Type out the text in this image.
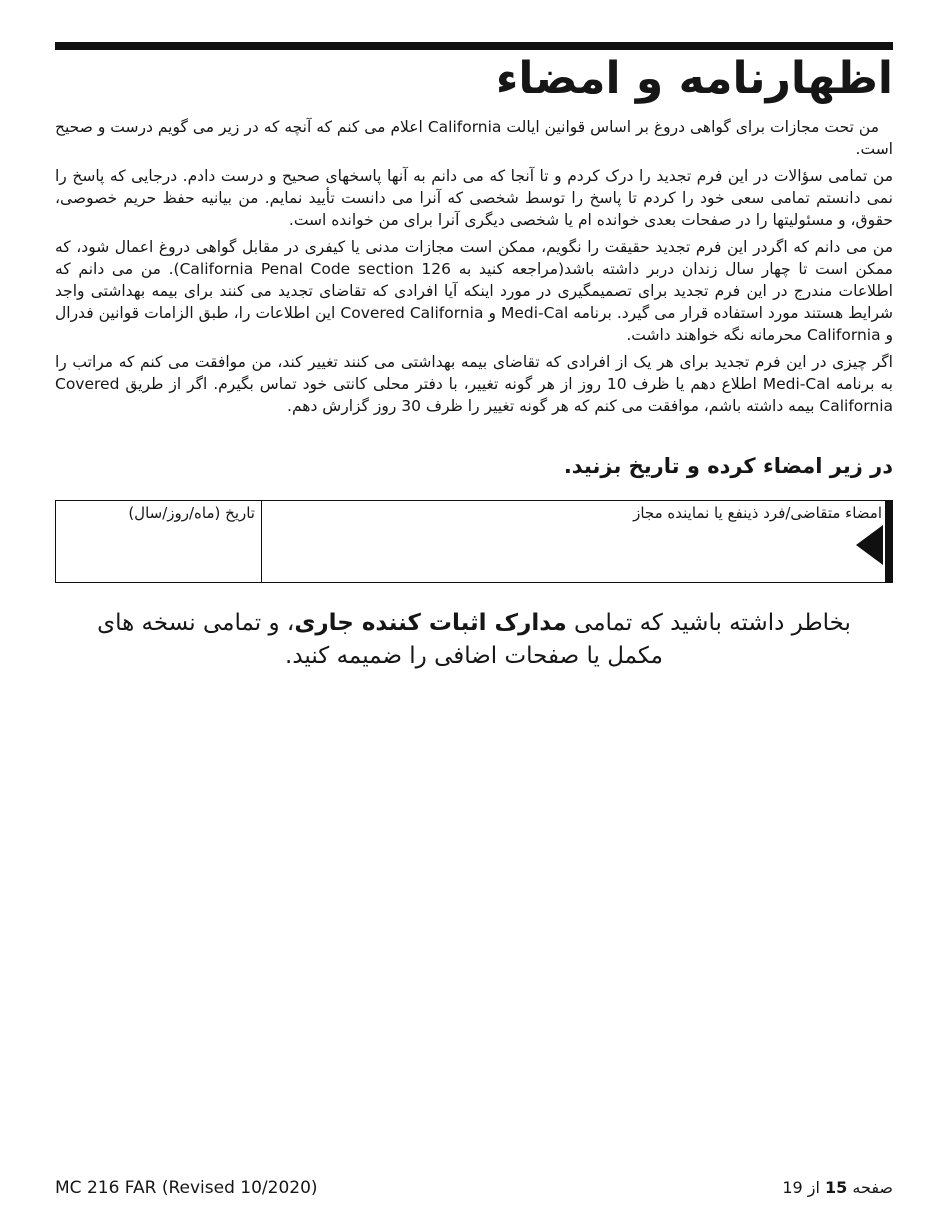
اظهارنامه و امضاء
من تحت مجازات برای گواهی دروغ بر اساس قوانین ایالت California اعلام می کنم که آنچه که در زیر می گویم درست و صحیح است.
من تمامی سؤالات در این فرم تجدید را درک کردم و تا آنجا که می دانم به آنها پاسخهای صحیح و درست دادم. درجایی که پاسخ را نمی دانستم تمامی سعی خود را کردم تا پاسخ را توسط شخصی که آنرا می دانست تأیید نمایم. من بیانیه حفظ حریم خصوصی، حقوق، و مسئولیتها را در صفحات بعدی خوانده ام یا شخصی دیگری آنرا برای من خوانده است.
من می دانم که اگردر این فرم تجدید حقیقت را نگویم، ممکن است مجازات مدنی یا کیفری در مقابل گواهی دروغ اعمال شود، که ممکن است تا چهار سال زندان دربر داشته باشد(مراجعه کنید به California Penal Code section 126). من می دانم که اطلاعات مندرج در این فرم تجدید برای تصمیمگیری در مورد اینکه آیا افرادی که تقاضای تجدید می کنند برای بیمه بهداشتی واجد شرایط هستند مورد استفاده قرار می گیرد. برنامه Medi-Cal و Covered California این اطلاعات را، طبق الزامات قوانین فدرال و California محرمانه نگه خواهند داشت.
اگر چیزی در این فرم تجدید برای هر یک از افرادی که تقاضای بیمه بهداشتی می کنند تغییر کند، من موافقت می کنم که مراتب را به برنامه Medi-Cal اطلاع دهم یا ظرف 10 روز از هر گونه تغییر، با دفتر محلی کانتی خود تماس بگیرم. اگر از طریق Covered California بیمه داشته باشم، موافقت می کنم که هر گونه تغییر را ظرف 30 روز گزارش دهم.
در زیر امضاء کرده و تاریخ بزنید.
امضاء متقاضی/فرد ذینفع یا نماینده مجاز
تاریخ (ماه/روز/سال)
بخاطر داشته باشید که تمامی مدارک اثبات کننده جاری، و تمامی نسخه های مکمل یا صفحات اضافی را ضمیمه کنید.
MC 216 FAR (Revised 10/2020)	صفحه 15 از 19
